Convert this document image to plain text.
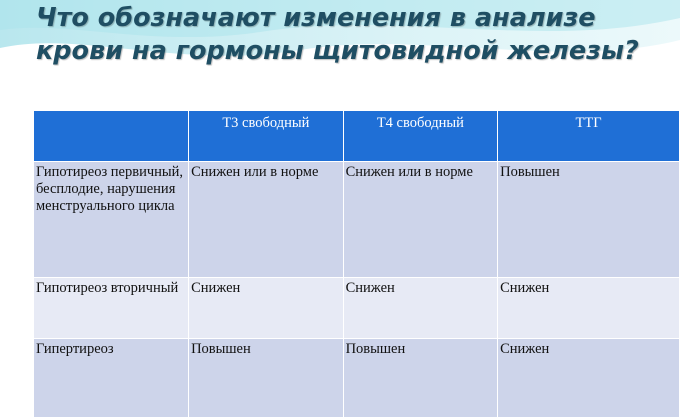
Что обозначают изменения в анализе крови на гормоны щитовидной железы?
	Т3 свободный	Т4 свободный	ТТГ
Гипотиреоз первичный, бесплодие, нарушения менструального цикла	Снижен или в норме	Снижен или в норме	Повышен
Гипотиреоз вторичный	Снижен	Снижен	Снижен
Гипертиреоз	Повышен	Повышен	Снижен
